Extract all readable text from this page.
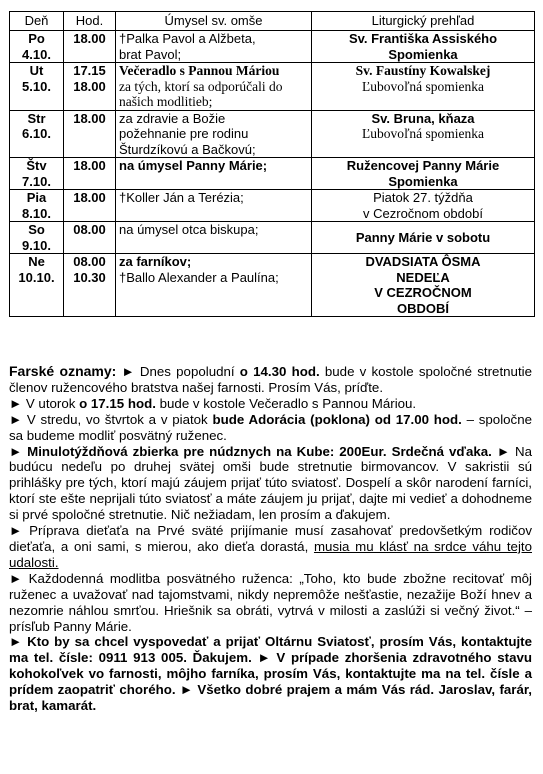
Deň	Hod.	Úmysel sv. omše	Liturgický prehľad

Po
4.10.	18.00	†Palka Pavol a Alžbeta,
brat Pavol;	Sv. Františka Assiského
Spomienka

Ut
5.10.	17.15
18.00	Večeradlo s Pannou Máriou
za tých, ktorí sa odporúčali do
našich modlitieb;	Sv. Faustíny Kowalskej
Ľubovoľná spomienka

Str
6.10.	18.00	za zdravie a Božie
požehnanie pre rodinu
Šturdzíkovú a Bačkovú;	Sv. Bruna, kňaza
Ľubovoľná spomienka

Štv
7.10.	18.00	na úmysel Panny Márie;	Ružencovej Panny Márie
Spomienka

Pia
8.10.	18.00	†Koller Ján a Terézia;	Piatok 27. týždňa
v Cezročnom období

So
9.10.	08.00	na úmysel otca biskupa;	Panny Márie v sobotu

Ne
10.10.	08.00
10.30	za farníkov;
†Ballo Alexander a Paulína;	DVADSIATA ÔSMA
NEDEĽA
V CEZROČNOM
OBDOBÍ

Farské oznamy: ► Dnes popoludní o 14.30 hod. bude v kostole spoločné stretnutie členov ružencového bratstva našej farnosti. Prosím Vás, príďte.

► V utorok o 17.15 hod. bude v kostole Večeradlo s Pannou Máriou.

► V stredu, vo štvrtok a v piatok bude Adorácia (poklona) od 17.00 hod. – spoločne sa budeme modliť posvätný ruženec.

► Minulotýždňová zbierka pre núdznych na Kube: 200Eur. Srdečná vďaka. ► Na budúcu nedeľu po druhej svätej omši bude stretnutie birmovancov. V sakristii sú prihlášky pre tých, ktorí majú záujem prijať túto sviatosť. Dospelí a skôr narodení farníci, ktorí ste ešte neprijali túto sviatosť a máte záujem ju prijať, dajte mi vedieť a dohodneme si prvé spoločné stretnutie. Nič nežiadam, len prosím a ďakujem.

► Príprava dieťaťa na Prvé sväté prijímanie musí zasahovať predovšetkým rodičov dieťaťa, a oni sami, s mierou, ako dieťa dorastá, musia mu klásť na srdce váhu tejto udalosti.

► Každodenná modlitba posvätného ruženca: „Toho, kto bude zbožne recitovať môj ruženec a uvažovať nad tajomstvami, nikdy nepremôže nešťastie, nezažije Boží hnev a nezomrie náhlou smrťou. Hriešnik sa obráti, vytrvá v milosti a zaslúži si večný život.“ – prísľub Panny Márie.

► Kto by sa chcel vyspovedať a prijať Oltárnu Sviatosť, prosím Vás, kontaktujte ma tel. čísle: 0911 913 005. Ďakujem. ► V prípade zhoršenia zdravotného stavu kohokoľvek vo farnosti, môjho farníka, prosím Vás, kontaktujte ma na tel. čísle a prídem zaopatriť chorého. ► Všetko dobré prajem a mám Vás rád. Jaroslav, farár, brat, kamarát.
